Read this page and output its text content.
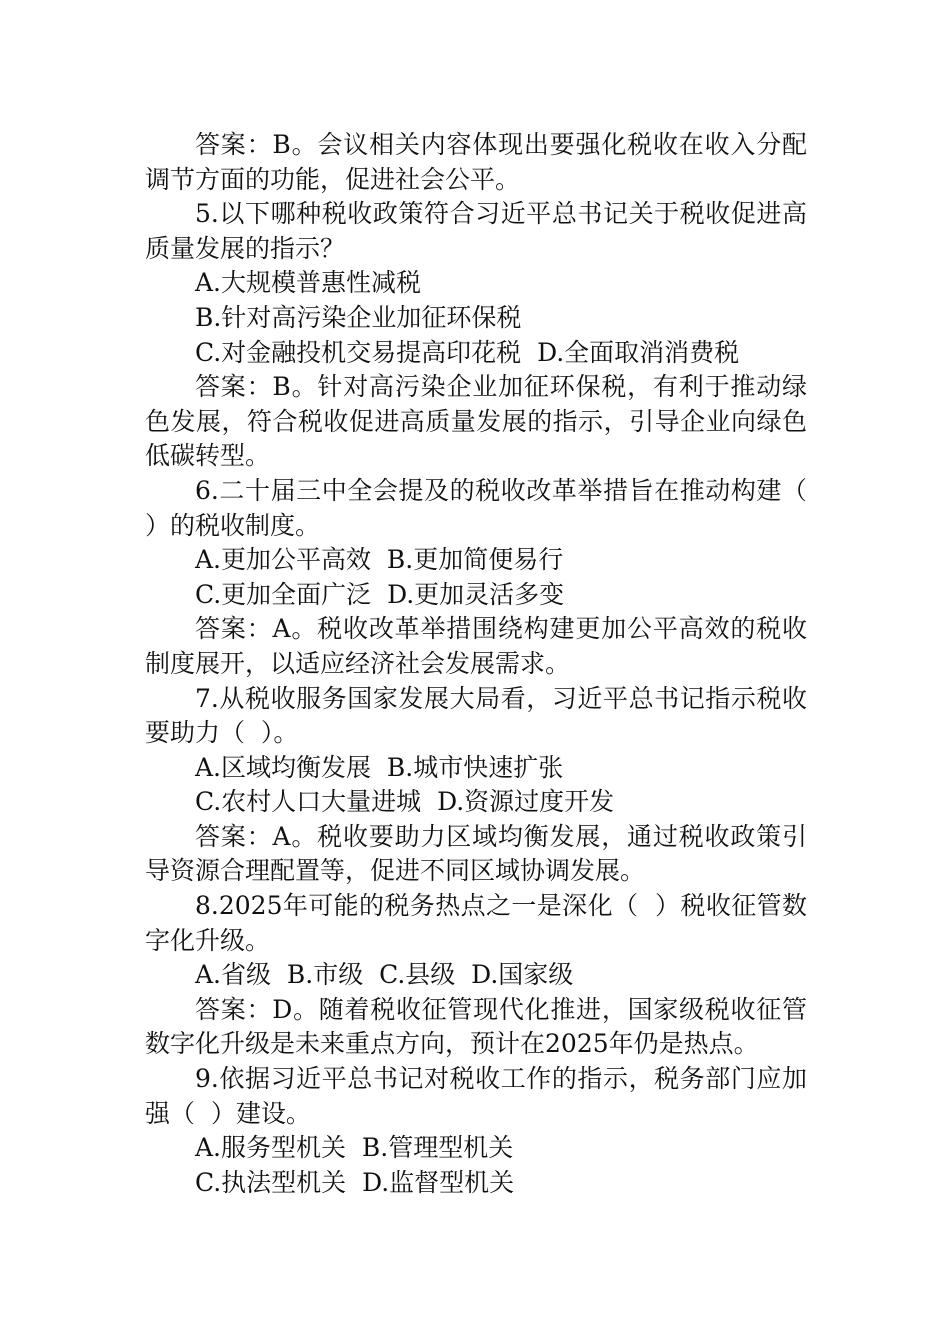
答案：B。会议相关内容体现出要强化税收在收入分配调节方面的功能，促进社会公平。

5.以下哪种税收政策符合习近平总书记关于税收促进高质量发展的指示？

A.大规模普惠性减税

B.针对高污染企业加征环保税

C.对金融投机交易提高印花税  D.全面取消消费税

答案：B。针对高污染企业加征环保税，有利于推动绿色发展，符合税收促进高质量发展的指示，引导企业向绿色低碳转型。

6.二十届三中全会提及的税收改革举措旨在推动构建（   ）的税收制度。

A.更加公平高效  B.更加简便易行

C.更加全面广泛  D.更加灵活多变

答案：A。税收改革举措围绕构建更加公平高效的税收制度展开，以适应经济社会发展需求。

7.从税收服务国家发展大局看，习近平总书记指示税收要助力（  ）。

A.区域均衡发展  B.城市快速扩张

C.农村人口大量进城  D.资源过度开发

答案：A。税收要助力区域均衡发展，通过税收政策引导资源合理配置等，促进不同区域协调发展。

8.2025年可能的税务热点之一是深化（  ）税收征管数字化升级。

A.省级  B.市级  C.县级  D.国家级

答案：D。随着税收征管现代化推进，国家级税收征管数字化升级是未来重点方向，预计在2025年仍是热点。

9.依据习近平总书记对税收工作的指示，税务部门应加强（  ）建设。

A.服务型机关  B.管理型机关

C.执法型机关  D.监督型机关
